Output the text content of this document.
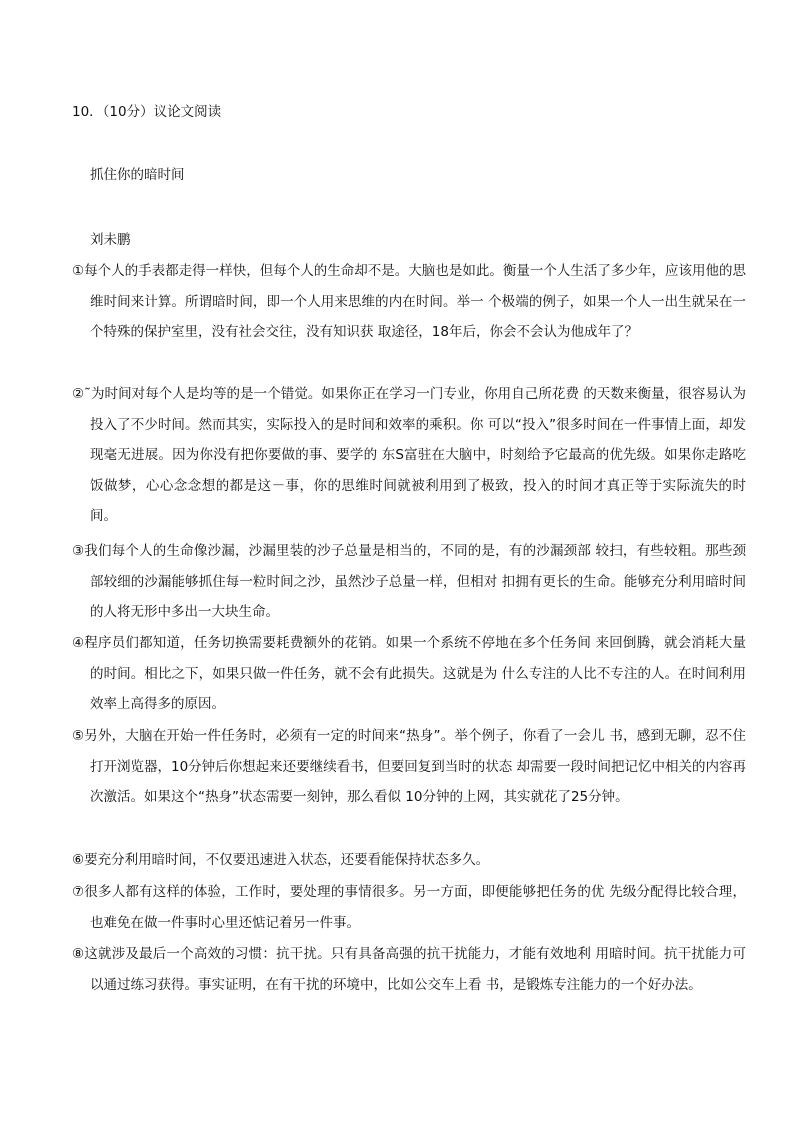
10．（10分）议论文阅读
抓住你的暗时间
刘未鹏
①每个人的手表都走得一样快，但每个人的生命却不是。大脑也是如此。衡量一个人生活了多少年，应该用他的思维时间来计算。所谓暗时间，即一个人用来思维的内在时间。举一 个极端的例子，如果一个人一出生就呆在一个特殊的保护室里，没有社会交往，没有知识获 取途径，18年后，你会不会认为他成年了？
②˜为时间对每个人是均等的是一个错觉。如果你正在学习一门专业，你用自己所花费 的天数来衡量，很容易认为投入了不少时间。然而其实，实际投入的是时间和效率的乘积。你 可以“投入”很多时间在一件事情上面，却发现毫无进展。因为你没有把你要做的事、要学的 东S富驻在大脑中，时刻给予它最高的优先级。如果你走路吃饭做梦，心心念念想的都是这－事，你的思维时间就被利用到了极致，投入的时间才真正等于实际流失的时间。
③我们每个人的生命像沙漏，沙漏里装的沙子总量是相当的，不同的是，有的沙漏颈部 较扫，有些较粗。那些颈部较细的沙漏能够抓住每一粒时间之沙，虽然沙子总量一样，但相对 扣拥有更长的生命。能够充分利用暗时间的人将无形中多出一大块生命。
④程序员们都知道，任务切换需要耗费额外的花销。如果一个系统不停地在多个任务间 来回倒腾，就会消耗大量的时间。相比之下，如果只做一件任务，就不会有此损失。这就是为 什么专注的人比不专注的人。在时间利用效率上高得多的原因。
⑤另外，大脑在开始一件任务时，必须有一定的时间来“热身”。举个例子，你看了一会儿 书，感到无聊，忍不住打开浏览器，10分钟后你想起来还要继续看书，但要回复到当时的状态 却需要一段时间把记忆中相关的内容再次激活。如果这个“热身”状态需要一刻钟，那么看似 10分钟的上网，其实就花了25分钟。
⑥要充分利用暗时间，不仅要迅速进入状态，还要看能保持状态多久。
⑦很多人都有这样的体验，工作时，要处理的事情很多。另一方面，即便能够把任务的优 先级分配得比较合理，也难免在做一件事时心里还惦记着另一件事。
⑧这就涉及最后一个高效的习惯：抗干扰。只有具备高强的抗干扰能力，才能有效地利 用暗时间。抗干扰能力可以通过练习获得。事实证明，在有干扰的环境中，比如公交车上看 书，是锻炼专注能力的一个好办法。
